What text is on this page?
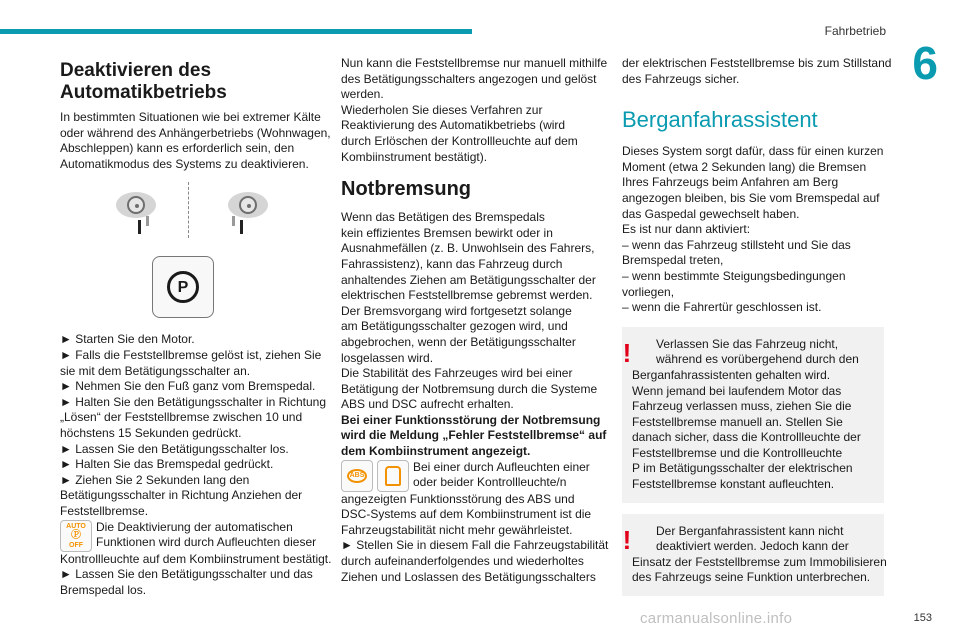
Fahrbetrieb
6
Deaktivieren des
Automatikbetriebs
In bestimmten Situationen wie bei extremer Kälte
oder während des Anhängerbetriebs (Wohnwagen,
Abschleppen) kann es erforderlich sein, den
Automatikmodus des Systems zu deaktivieren.
P
► Starten Sie den Motor.
► Falls die Feststellbremse gelöst ist, ziehen Sie
sie mit dem Betätigungsschalter an.
► Nehmen Sie den Fuß ganz vom Bremspedal.
► Halten Sie den Betätigungsschalter in Richtung
„Lösen“ der Feststellbremse zwischen 10 und
höchstens 15 Sekunden gedrückt.
► Lassen Sie den Betätigungsschalter los.
► Halten Sie das Bremspedal gedrückt.
► Ziehen Sie 2 Sekunden lang den
Betätigungsschalter in Richtung Anziehen der
Feststellbremse.
AUTO
Ⓟ
OFF
Die Deaktivierung der automatischen
Funktionen wird durch Aufleuchten dieser
Kontrollleuchte auf dem Kombiinstrument bestätigt.
► Lassen Sie den Betätigungsschalter und das
Bremspedal los.
Nun kann die Feststellbremse nur manuell mithilfe
des Betätigungsschalters angezogen und gelöst
werden.
Wiederholen Sie dieses Verfahren zur
Reaktivierung des Automatikbetriebs (wird
durch Erlöschen der Kontrollleuchte auf dem
Kombiinstrument bestätigt).
Notbremsung
Wenn das Betätigen des Bremspedals
kein effizientes Bremsen bewirkt oder in
Ausnahmefällen (z. B. Unwohlsein des Fahrers,
Fahrassistenz), kann das Fahrzeug durch
anhaltendes Ziehen am Betätigungsschalter der
elektrischen Feststellbremse gebremst werden.
Der Bremsvorgang wird fortgesetzt solange
am Betätigungsschalter gezogen wird, und
abgebrochen, wenn der Betätigungsschalter
losgelassen wird.
Die Stabilität des Fahrzeuges wird bei einer
Betätigung der Notbremsung durch die Systeme
ABS und DSC aufrecht erhalten.
Bei einer Funktionsstörung der Notbremsung
wird die Meldung „Fehler Feststellbremse“ auf
dem Kombiinstrument angezeigt.
ABS
Bei einer durch Aufleuchten einer
oder beider Kontrollleuchte/n
angezeigten Funktionsstörung des ABS und
DSC-Systems auf dem Kombiinstrument ist die
Fahrzeugstabilität nicht mehr gewährleistet.
► Stellen Sie in diesem Fall die Fahrzeugstabilität
durch aufeinanderfolgendes und wiederholtes
Ziehen und Loslassen des Betätigungsschalters
der elektrischen Feststellbremse bis zum Stillstand
des Fahrzeugs sicher.
Berganfahrassistent
Dieses System sorgt dafür, dass für einen kurzen
Moment (etwa 2 Sekunden lang) die Bremsen
Ihres Fahrzeugs beim Anfahren am Berg
angezogen bleiben, bis Sie vom Bremspedal auf
das Gaspedal gewechselt haben.
Es ist nur dann aktiviert:
– wenn das Fahrzeug stillsteht und Sie das
Bremspedal treten,
– wenn bestimmte Steigungsbedingungen
vorliegen,
– wenn die Fahrertür geschlossen ist.
!	Verlassen Sie das Fahrzeug nicht,
während es vorübergehend durch den
Berganfahrassistenten gehalten wird.
Wenn jemand bei laufendem Motor das
Fahrzeug verlassen muss, ziehen Sie die
Feststellbremse manuell an. Stellen Sie
danach sicher, dass die Kontrollleuchte der
Feststellbremse und die Kontrollleuchte
P im Betätigungsschalter der elektrischen
Feststellbremse konstant aufleuchten.
!	Der Berganfahrassistent kann nicht
deaktiviert werden. Jedoch kann der
Einsatz der Feststellbremse zum Immobilisieren
des Fahrzeugs seine Funktion unterbrechen.
carmanualsonline.info	153
